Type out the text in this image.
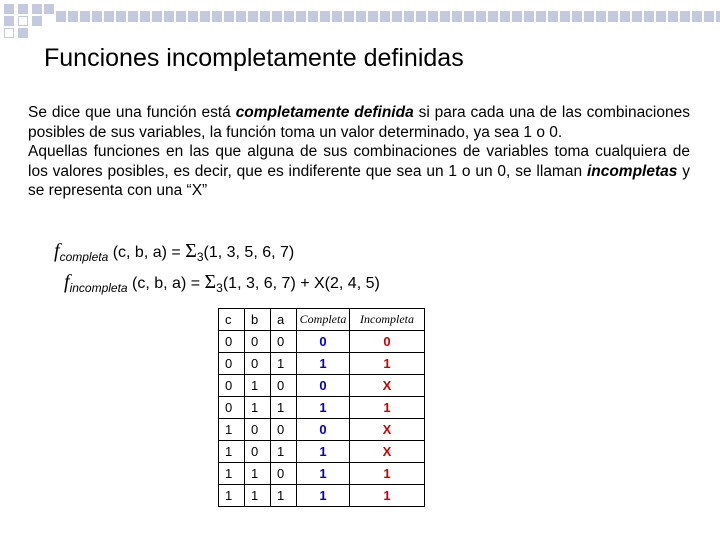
Funciones incompletamente definidas

Se dice que una función está completamente definida si para cada una de las combinaciones posibles de sus variables, la función toma un valor determinado, ya sea 1 o 0.

Aquellas funciones en las que alguna de sus combinaciones de variables toma cualquiera de los valores posibles, es decir, que es indiferente que sea un 1 o un 0, se llaman incompletas y se representa con una “X”

$f_{completa}$ (c, b, $a) = \Sigma_3(1$, 3, 5, 6, 7)
$f_{incompleta}$ (c, b, $a) = \Sigma_3(1$, 3, 6, 7) + X(2, 4, 5)
c	b	a	Completa	Incompleta
0	0	0	0	0
0	0	1	1	1
0	1	0	0	X
0	1	1	1	1
1	0	0	0	X
1	0	1	1	X
1	1	0	1	1
1	1	1	1	1
